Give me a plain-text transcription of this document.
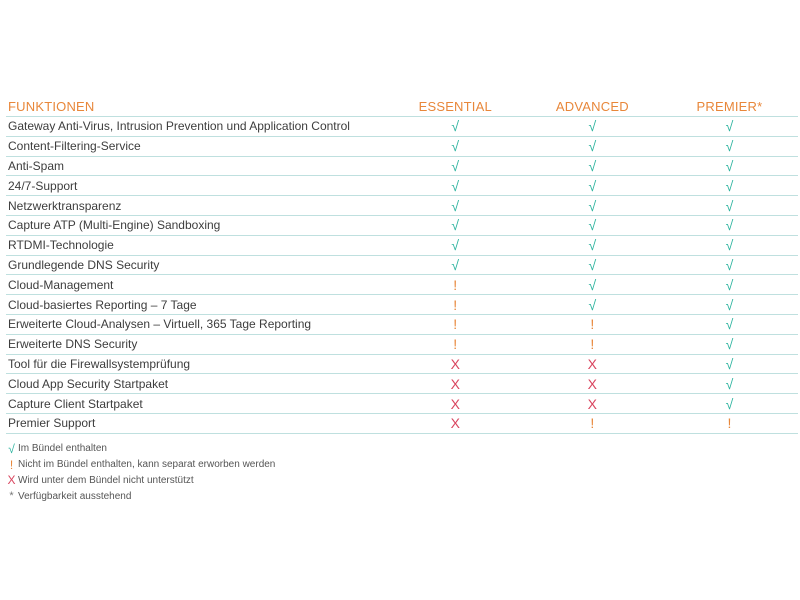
FUNKTIONEN	ESSENTIAL	ADVANCED	PREMIER*
Gateway Anti-Virus, Intrusion Prevention und Application Control	√	√	√
Content-Filtering-Service	√	√	√
Anti-Spam	√	√	√
24/7-Support	√	√	√
Netzwerktransparenz	√	√	√
Capture ATP (Multi-Engine) Sandboxing	√	√	√
RTDMI-Technologie	√	√	√
Grundlegende DNS Security	√	√	√
Cloud-Management	!	√	√
Cloud-basiertes Reporting – 7 Tage	!	√	√
Erweiterte Cloud-Analysen – Virtuell, 365 Tage Reporting	!	!	√
Erweiterte DNS Security	!	!	√
Tool für die Firewallsystemprüfung	X	X	√
Cloud App Security Startpaket	X	X	√
Capture Client Startpaket	X	X	√
Premier Support	X	!	!
√ Im Bündel enthalten
! Nicht im Bündel enthalten, kann separat erworben werden
X Wird unter dem Bündel nicht unterstützt
* Verfügbarkeit ausstehend
